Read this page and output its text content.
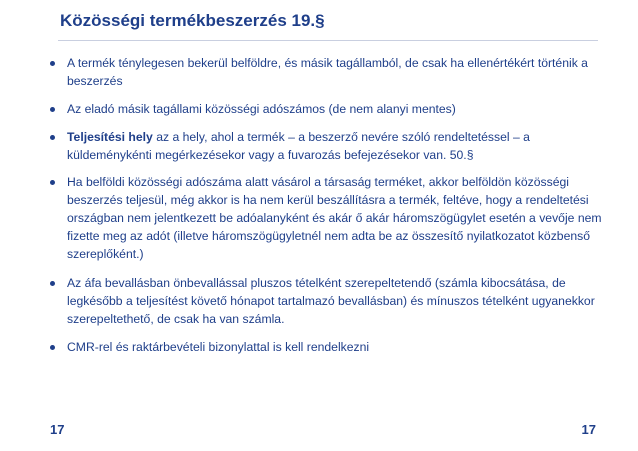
Közösségi termékbeszerzés 19.§
A termék ténylegesen bekerül belföldre, és másik tagállamból, de csak ha ellenértékért történik a beszerzés
Az eladó másik tagállami közösségi adószámos (de nem alanyi mentes)
Teljesítési hely az a hely, ahol a termék – a beszerző nevére szóló rendeltetéssel – a küldeménykénti megérkezésekor vagy a fuvarozás befejezésekor van. 50.§
Ha belföldi közösségi adószáma alatt vásárol a társaság terméket, akkor belföldön közösségi beszerzés teljesül, még akkor is ha nem kerül beszállításra a termék, feltéve, hogy a rendeltetési országban nem jelentkezett be adóalanyként és akár ő akár háromszögügylet esetén a vevője nem fizette meg az adót (illetve háromszögügyletnél nem adta be az összesítő nyilatkozatot közbenső szereplőként.)
Az áfa bevallásban önbevallással pluszos tételként szerepeltetendő (számla kibocsátása, de legkésőbb a teljesítést követő hónapot tartalmazó bevallásban) és mínuszos tételként ugyanekkor szerepeltethető, de csak ha van számla.
CMR-rel és raktárbevételi bizonylattal is kell rendelkezni
17	17
